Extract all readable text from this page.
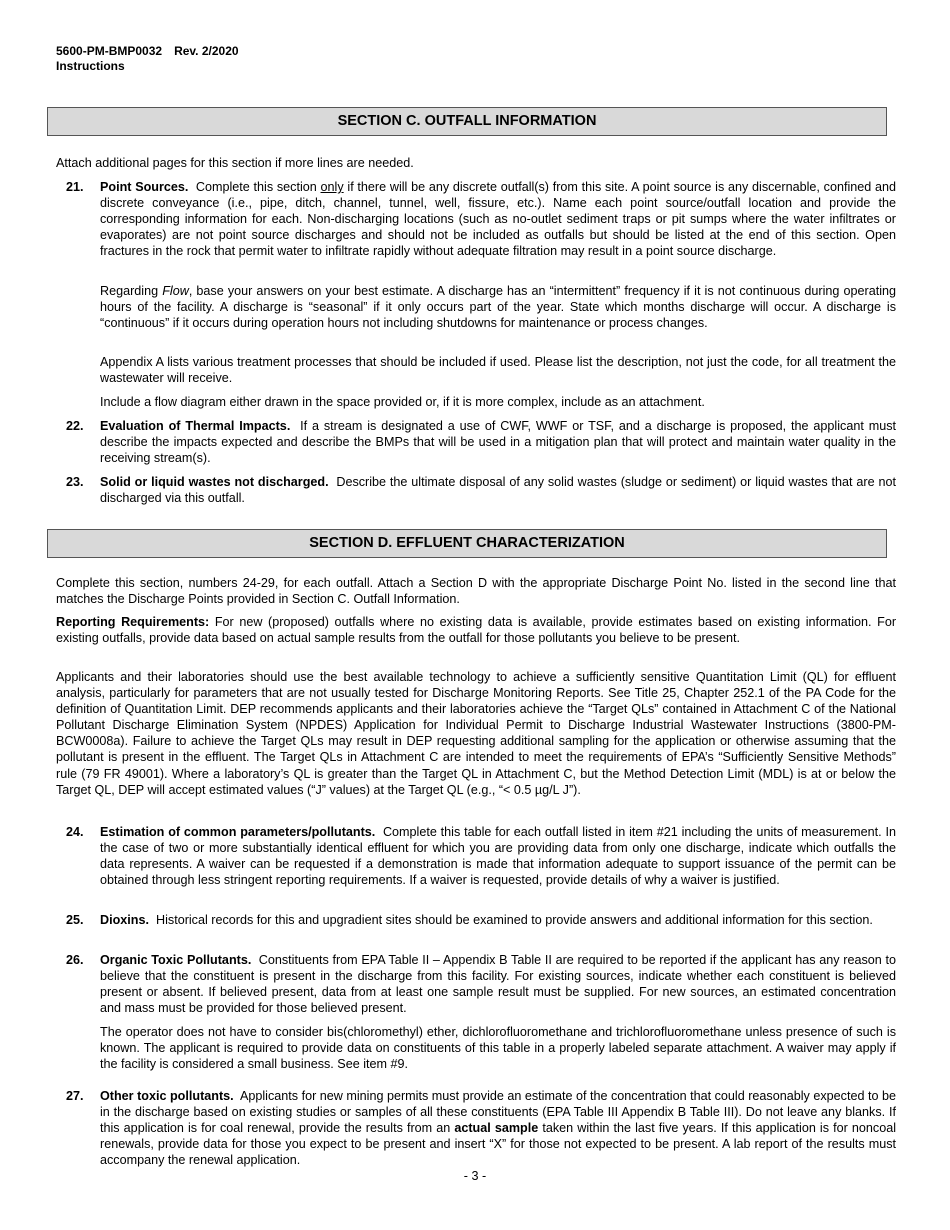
5600-PM-BMP0032 Rev. 2/2020
Instructions
SECTION C. OUTFALL INFORMATION
Attach additional pages for this section if more lines are needed.
21. Point Sources. Complete this section only if there will be any discrete outfall(s) from this site. A point source is any discernable, confined and discrete conveyance (i.e., pipe, ditch, channel, tunnel, well, fissure, etc.). Name each point source/outfall location and provide the corresponding information for each. Non-discharging locations (such as no-outlet sediment traps or pit sumps where the water infiltrates or evaporates) are not point source discharges and should not be included as outfalls but should be listed at the end of this section. Open fractures in the rock that permit water to infiltrate rapidly without adequate filtration may result in a point source discharge.
Regarding Flow, base your answers on your best estimate. A discharge has an “intermittent” frequency if it is not continuous during operating hours of the facility. A discharge is “seasonal” if it only occurs part of the year. State which months discharge will occur. A discharge is “continuous” if it occurs during operation hours not including shutdowns for maintenance or process changes.
Appendix A lists various treatment processes that should be included if used. Please list the description, not just the code, for all treatment the wastewater will receive.
Include a flow diagram either drawn in the space provided or, if it is more complex, include as an attachment.
22. Evaluation of Thermal Impacts. If a stream is designated a use of CWF, WWF or TSF, and a discharge is proposed, the applicant must describe the impacts expected and describe the BMPs that will be used in a mitigation plan that will protect and maintain water quality in the receiving stream(s).
23. Solid or liquid wastes not discharged. Describe the ultimate disposal of any solid wastes (sludge or sediment) or liquid wastes that are not discharged via this outfall.
SECTION D. EFFLUENT CHARACTERIZATION
Complete this section, numbers 24-29, for each outfall. Attach a Section D with the appropriate Discharge Point No. listed in the second line that matches the Discharge Points provided in Section C. Outfall Information.
Reporting Requirements: For new (proposed) outfalls where no existing data is available, provide estimates based on existing information. For existing outfalls, provide data based on actual sample results from the outfall for those pollutants you believe to be present.
Applicants and their laboratories should use the best available technology to achieve a sufficiently sensitive Quantitation Limit (QL) for effluent analysis, particularly for parameters that are not usually tested for Discharge Monitoring Reports. See Title 25, Chapter 252.1 of the PA Code for the definition of Quantitation Limit. DEP recommends applicants and their laboratories achieve the “Target QLs” contained in Attachment C of the National Pollutant Discharge Elimination System (NPDES) Application for Individual Permit to Discharge Industrial Wastewater Instructions (3800-PM-BCW0008a). Failure to achieve the Target QLs may result in DEP requesting additional sampling for the application or otherwise assuming that the pollutant is present in the effluent. The Target QLs in Attachment C are intended to meet the requirements of EPA’s “Sufficiently Sensitive Methods” rule (79 FR 49001). Where a laboratory’s QL is greater than the Target QL in Attachment C, but the Method Detection Limit (MDL) is at or below the Target QL, DEP will accept estimated values (“J” values) at the Target QL (e.g., “< 0.5 µg/L J”).
24. Estimation of common parameters/pollutants. Complete this table for each outfall listed in item #21 including the units of measurement. In the case of two or more substantially identical effluent for which you are providing data from only one discharge, indicate which outfalls the data represents. A waiver can be requested if a demonstration is made that information adequate to support issuance of the permit can be obtained through less stringent reporting requirements. If a waiver is requested, provide details of why a waiver is justified.
25. Dioxins. Historical records for this and upgradient sites should be examined to provide answers and additional information for this section.
26. Organic Toxic Pollutants. Constituents from EPA Table II – Appendix B Table II are required to be reported if the applicant has any reason to believe that the constituent is present in the discharge from this facility. For existing sources, indicate whether each constituent is believed present or absent. If believed present, data from at least one sample result must be supplied. For new sources, an estimated concentration and mass must be provided for those believed present.
The operator does not have to consider bis(chloromethyl) ether, dichlorofluoromethane and trichlorofluoromethane unless presence of such is known. The applicant is required to provide data on constituents of this table in a properly labeled separate attachment. A waiver may apply if the facility is considered a small business. See item #9.
27. Other toxic pollutants. Applicants for new mining permits must provide an estimate of the concentration that could reasonably expected to be in the discharge based on existing studies or samples of all these constituents (EPA Table III Appendix B Table III). Do not leave any blanks. If this application is for coal renewal, provide the results from an actual sample taken within the last five years. If this application is for noncoal renewals, provide data for those you expect to be present and insert “X” for those not expected to be present. A lab report of the results must accompany the renewal application.
- 3 -
